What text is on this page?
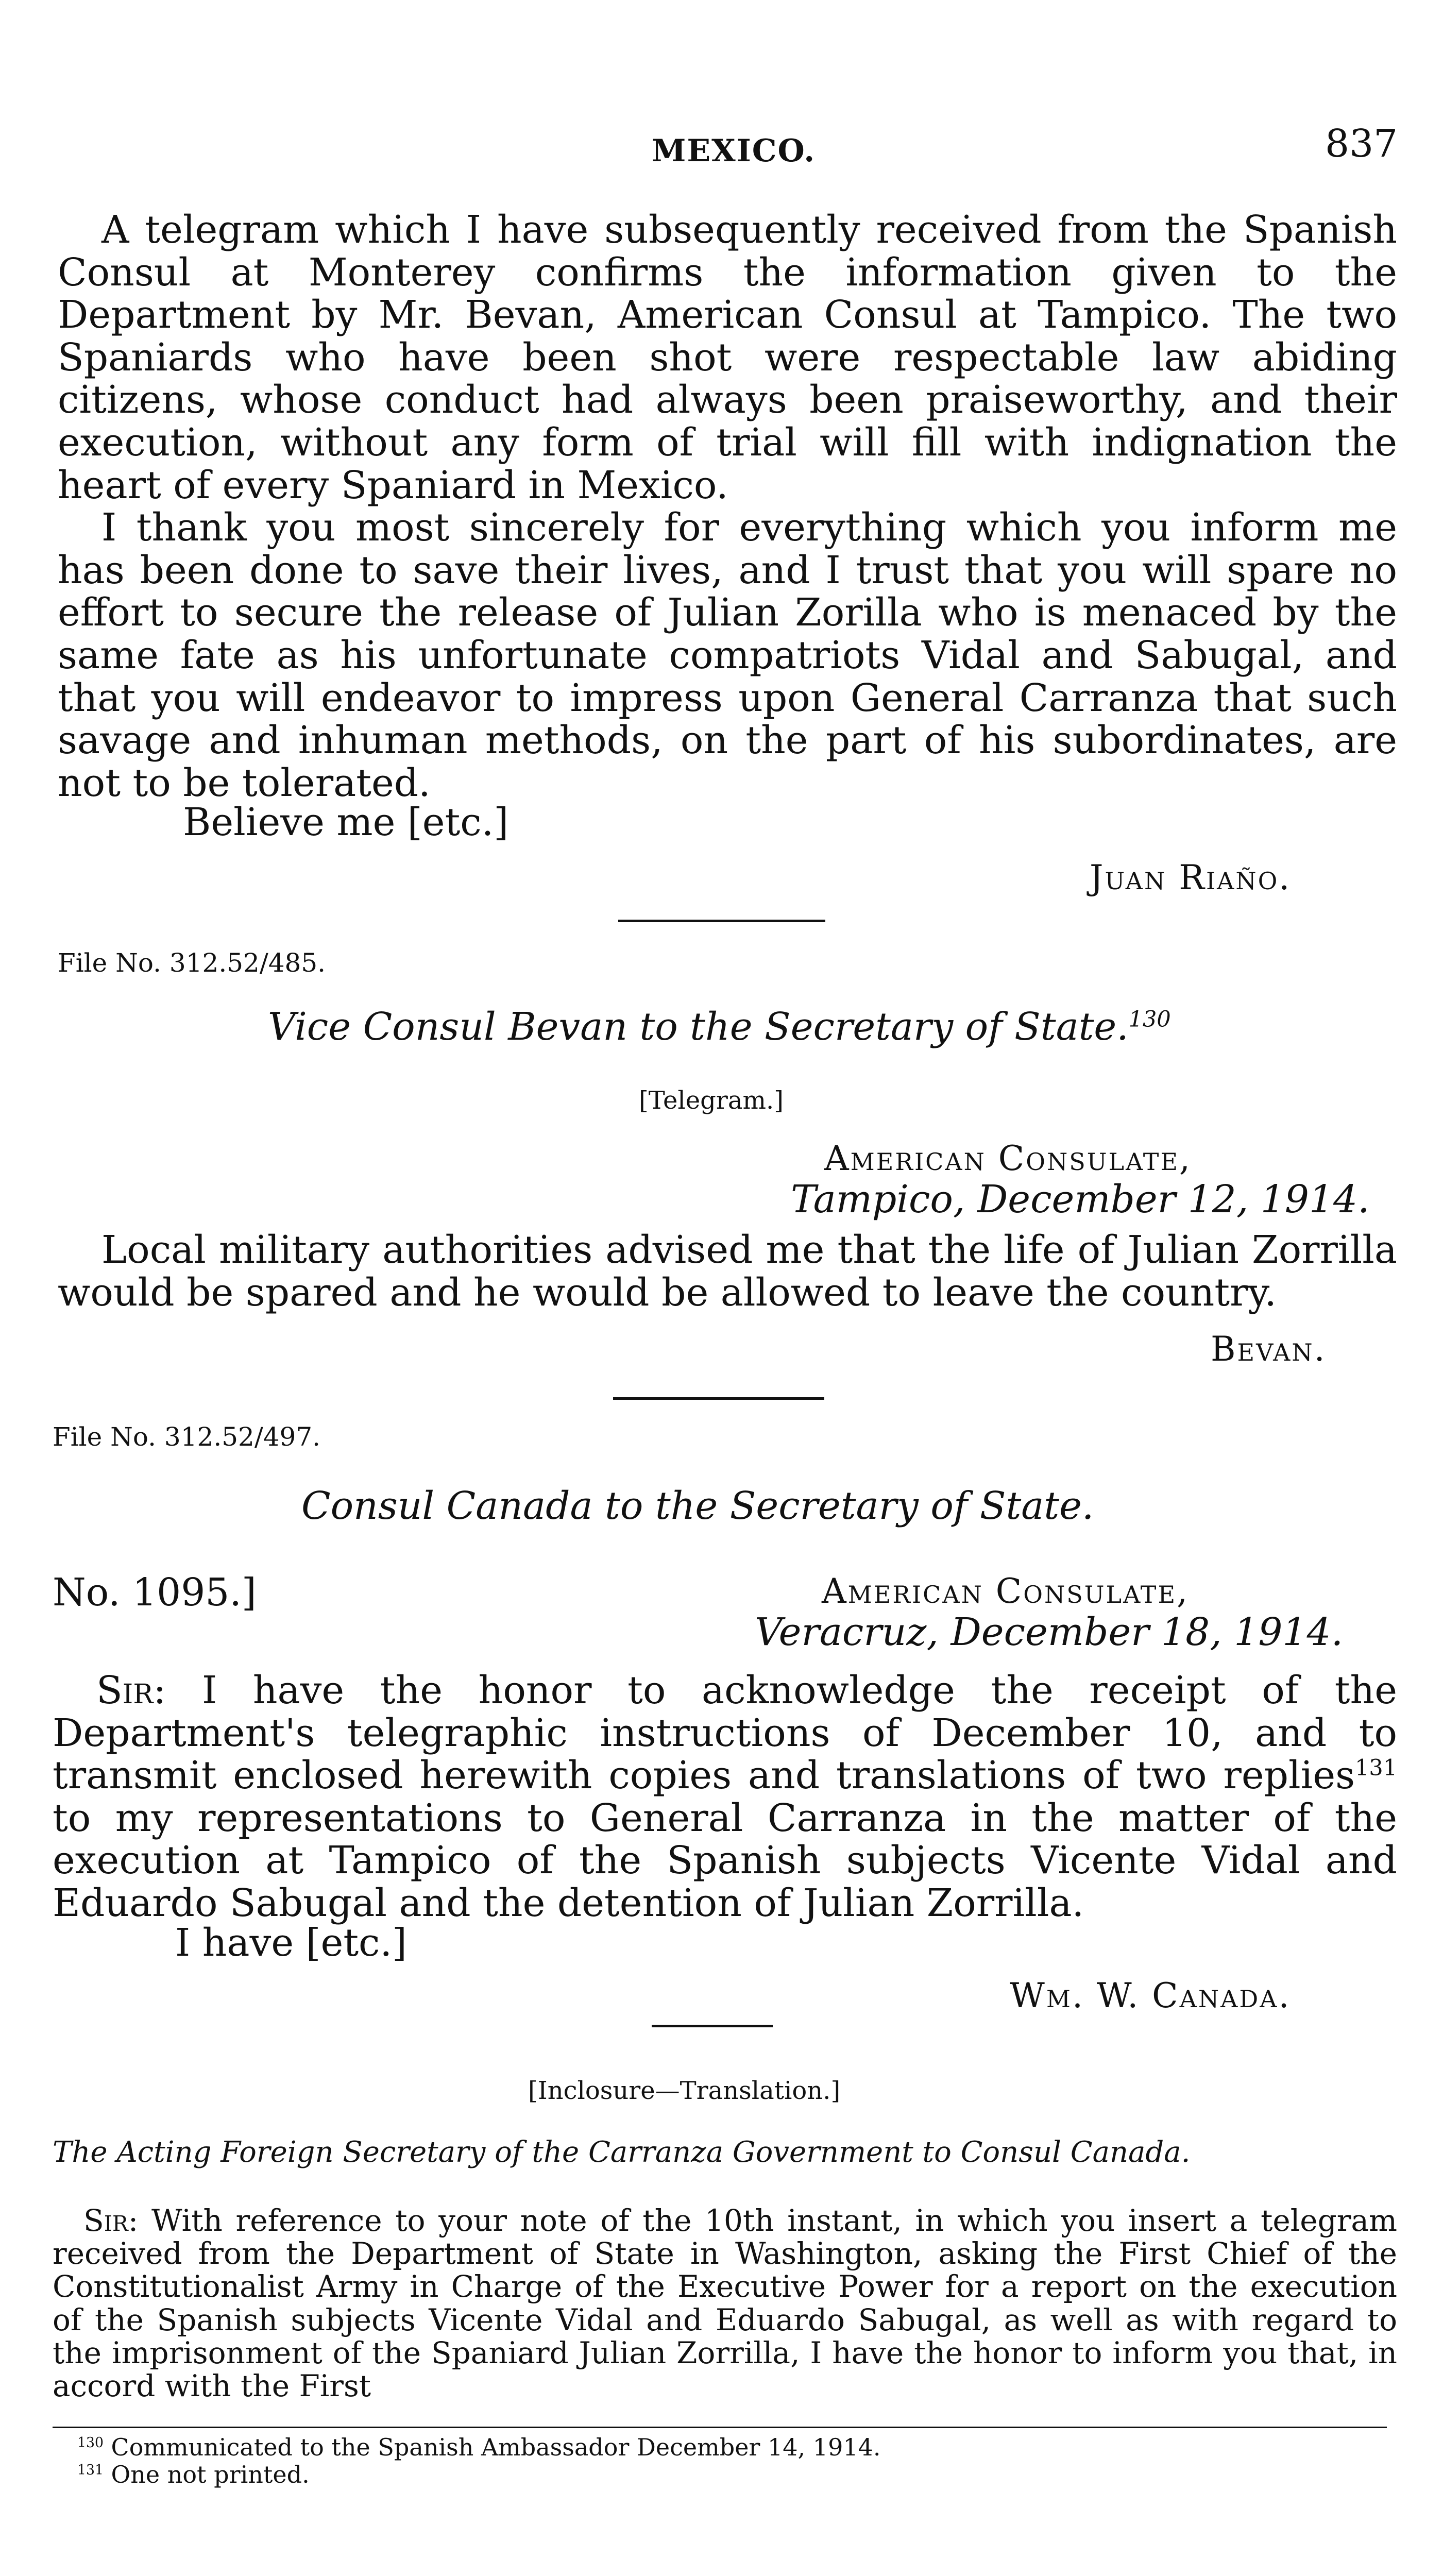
MEXICO.	837

A telegram which I have subsequently received from the Spanish Consul at Monterey confirms the information given to the Department by Mr. Bevan, American Consul at Tampico. The two Spaniards who have been shot were respectable law abiding citizens, whose conduct had always been praiseworthy, and their execution, without any form of trial will fill with indignation the heart of every Spaniard in Mexico.

I thank you most sincerely for everything which you inform me has been done to save their lives, and I trust that you will spare no effort to secure the release of Julian Zorilla who is menaced by the same fate as his unfortunate compatriots Vidal and Sabugal, and that you will endeavor to impress upon General Carranza that such savage and inhuman methods, on the part of his subordinates, are not to be tolerated.

Believe me [etc.]
Juan Riaño.
File No. 312.52/485.
Vice Consul Bevan to the Secretary of State.$^{130}$
[Telegram.]
American Consulate,
Tampico, December 12, 1914.

Local military authorities advised me that the life of Julian Zorrilla would be spared and he would be allowed to leave the country.

Bevan.
File No. 312.52/497.
Consul Canada to the Secretary of State.
No. 1095.]	American Consulate,
Veracruz, December 18, 1914.

Sir: I have the honor to acknowledge the receipt of the Department's telegraphic instructions of December 10, and to transmit enclosed herewith copies and translations of two replies$^{131}$ to my representations to General Carranza in the matter of the execution at Tampico of the Spanish subjects Vicente Vidal and Eduardo Sabugal and the detention of Julian Zorrilla.

I have [etc.]
Wm. W. Canada.
[Inclosure—Translation.]
The Acting Foreign Secretary of the Carranza Government to Consul Canada.

Sir: With reference to your note of the 10th instant, in which you insert a telegram received from the Department of State in Washington, asking the First Chief of the Constitutionalist Army in Charge of the Executive Power for a report on the execution of the Spanish subjects Vicente Vidal and Eduardo Sabugal, as well as with regard to the imprisonment of the Spaniard Julian Zorrilla, I have the honor to inform you that, in accord with the First

$^{130}$ Communicated to the Spanish Ambassador December 14, 1914.
$^{131}$ One not printed.
